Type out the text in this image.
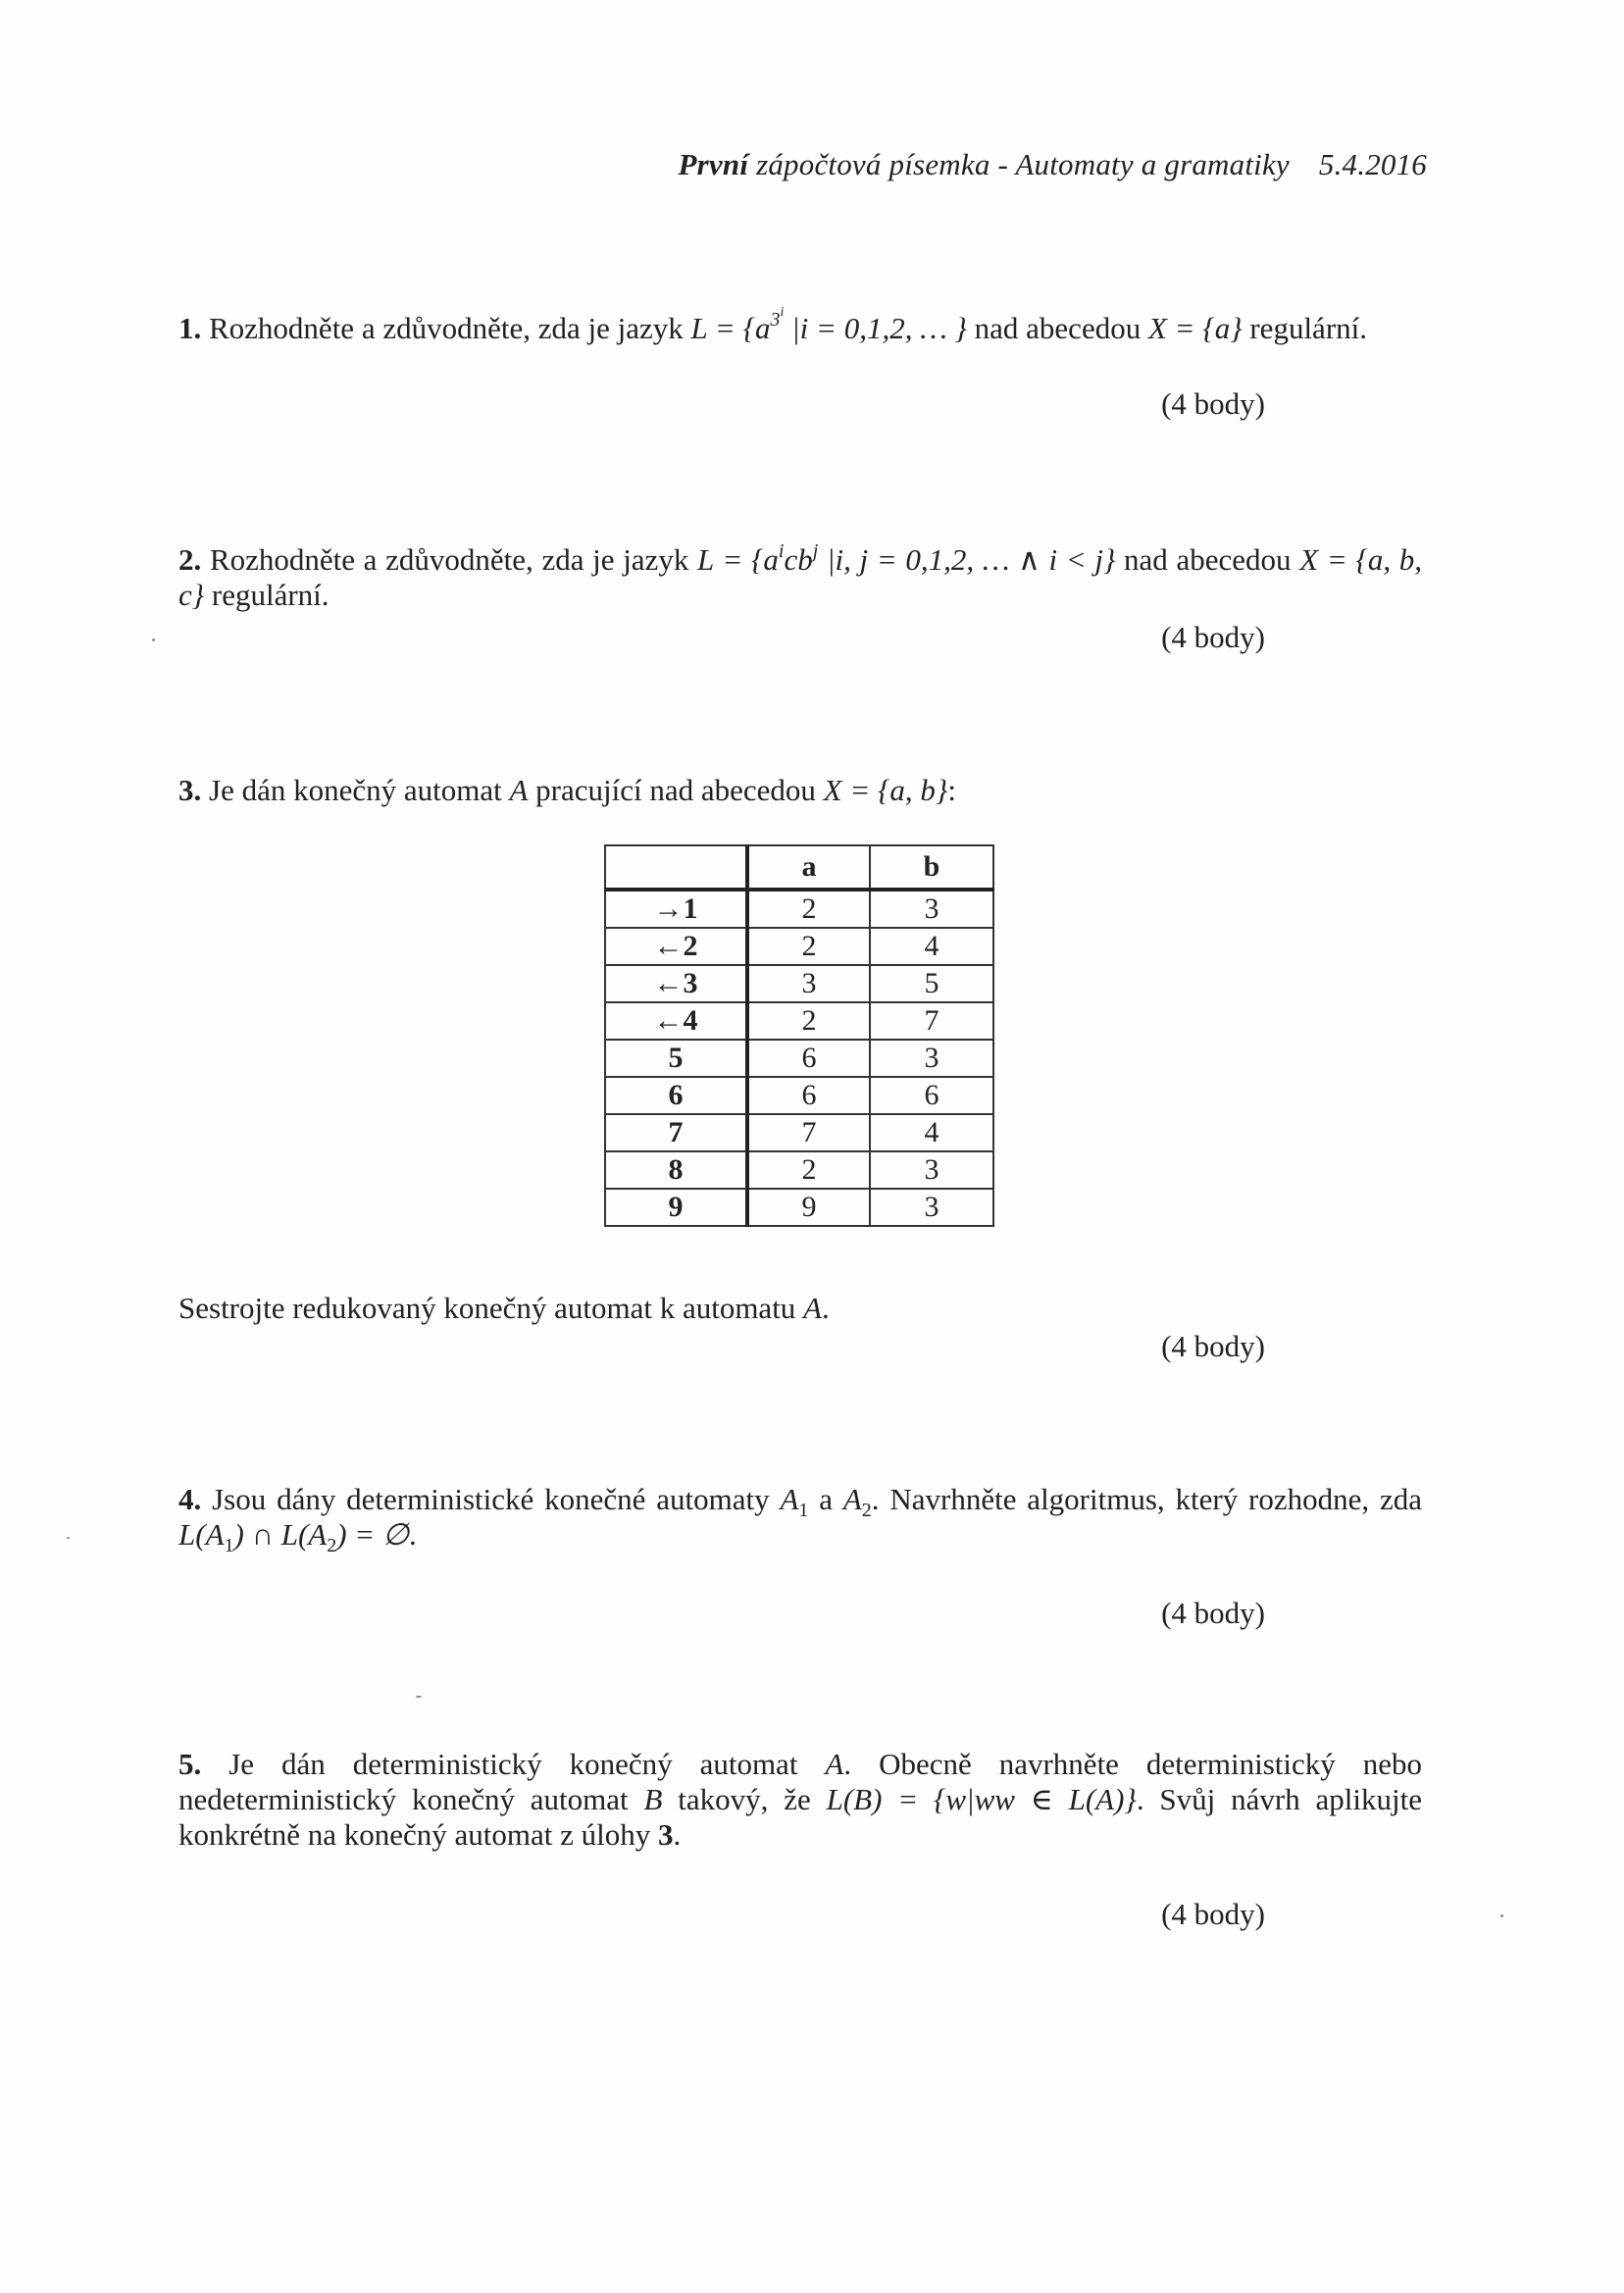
První zápočtová písemka - Automaty a gramatiky 5.4.2016
1. Rozhodněte a zdůvodněte, zda je jazyk $L = \{a^{3^i}$ |i = 0,1,2, … } nad abecedou X = {a} regulární.
(4 body)
2. Rozhodněte a zdůvodněte, zda je jazyk $L = \{a^icb^j$ |i, j = 0,1,2, … ∧ i < j} nad abecedou X = {a, b, c} regulární.
(4 body)
3. Je dán konečný automat A pracující nad abecedou X = {a, b}:
	a	b
→1	2	3
←2	2	4
←3	3	5
←4	2	7
5	6	3
6	6	6
7	7	4
8	2	3
9	9	3
Sestrojte redukovaný konečný automat k automatu A.
(4 body)
4. Jsou dány deterministické konečné automaty $A_1$ a $A_2$. Navrhněte algoritmus, který rozhodne, zda $L(A_1)$ ∩ $L(A_2)$ = ∅.
(4 body)
5. Je dán deterministický konečný automat A. Obecně navrhněte deterministický nebo nedeterministický konečný automat B takový, že L(B) = {w|ww ∈ L(A)}. Svůj návrh aplikujte konkrétně na konečný automat z úlohy 3.
(4 body)
